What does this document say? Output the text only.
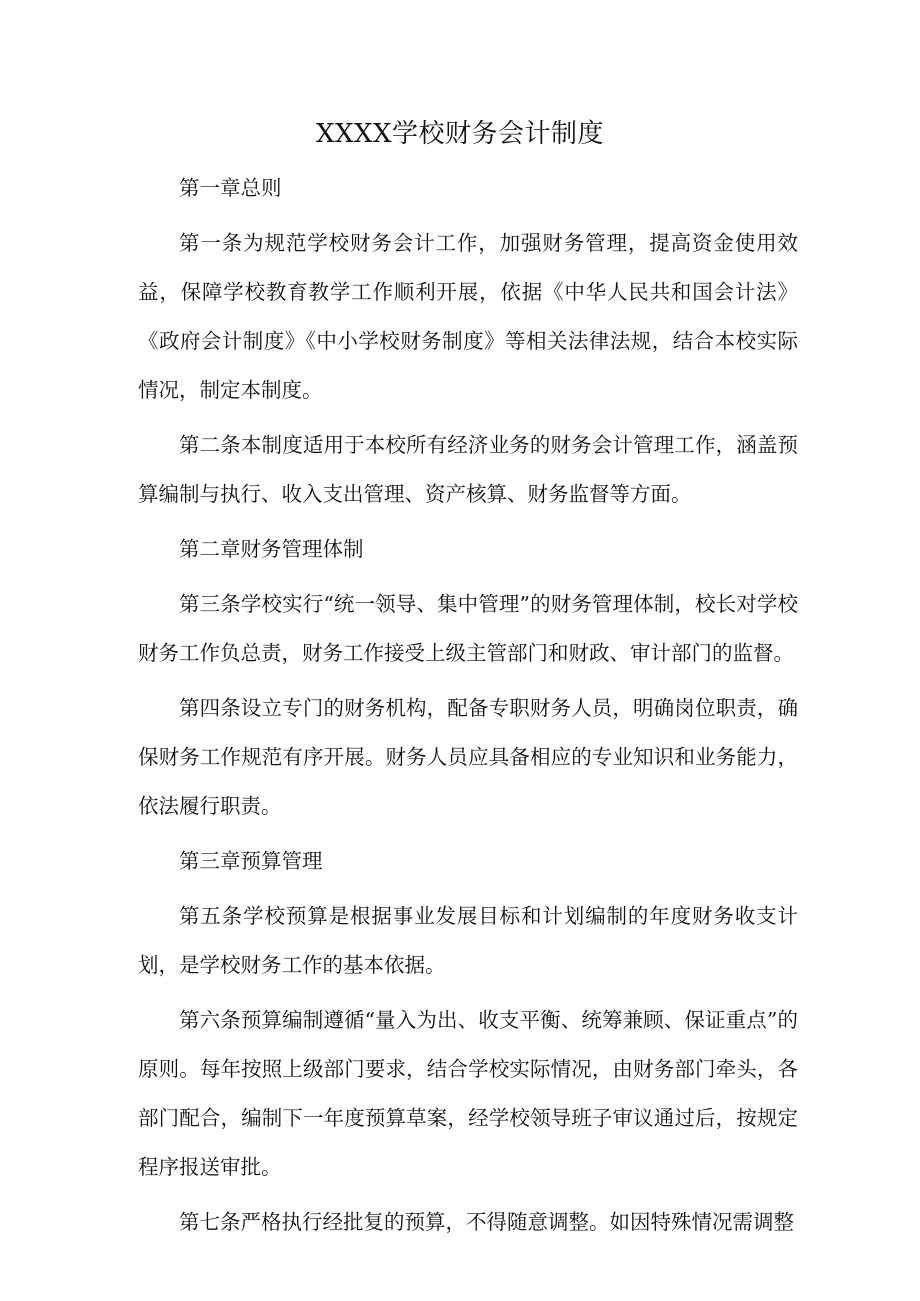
XXXX学校财务会计制度

第一章总则

第一条为规范学校财务会计工作，加强财务管理，提高资金使用效益，保障学校教育教学工作顺利开展，依据《中华人民共和国会计法》《政府会计制度》《中小学校财务制度》等相关法律法规，结合本校实际情况，制定本制度。

第二条本制度适用于本校所有经济业务的财务会计管理工作，涵盖预算编制与执行、收入支出管理、资产核算、财务监督等方面。

第二章财务管理体制

第三条学校实行“统一领导、集中管理”的财务管理体制，校长对学校财务工作负总责，财务工作接受上级主管部门和财政、审计部门的监督。

第四条设立专门的财务机构，配备专职财务人员，明确岗位职责，确保财务工作规范有序开展。财务人员应具备相应的专业知识和业务能力，依法履行职责。

第三章预算管理

第五条学校预算是根据事业发展目标和计划编制的年度财务收支计划，是学校财务工作的基本依据。

第六条预算编制遵循“量入为出、收支平衡、统筹兼顾、保证重点”的原则。每年按照上级部门要求，结合学校实际情况，由财务部门牵头，各部门配合，编制下一年度预算草案，经学校领导班子审议通过后，按规定程序报送审批。

第七条严格执行经批复的预算，不得随意调整。如因特殊情况需调整
